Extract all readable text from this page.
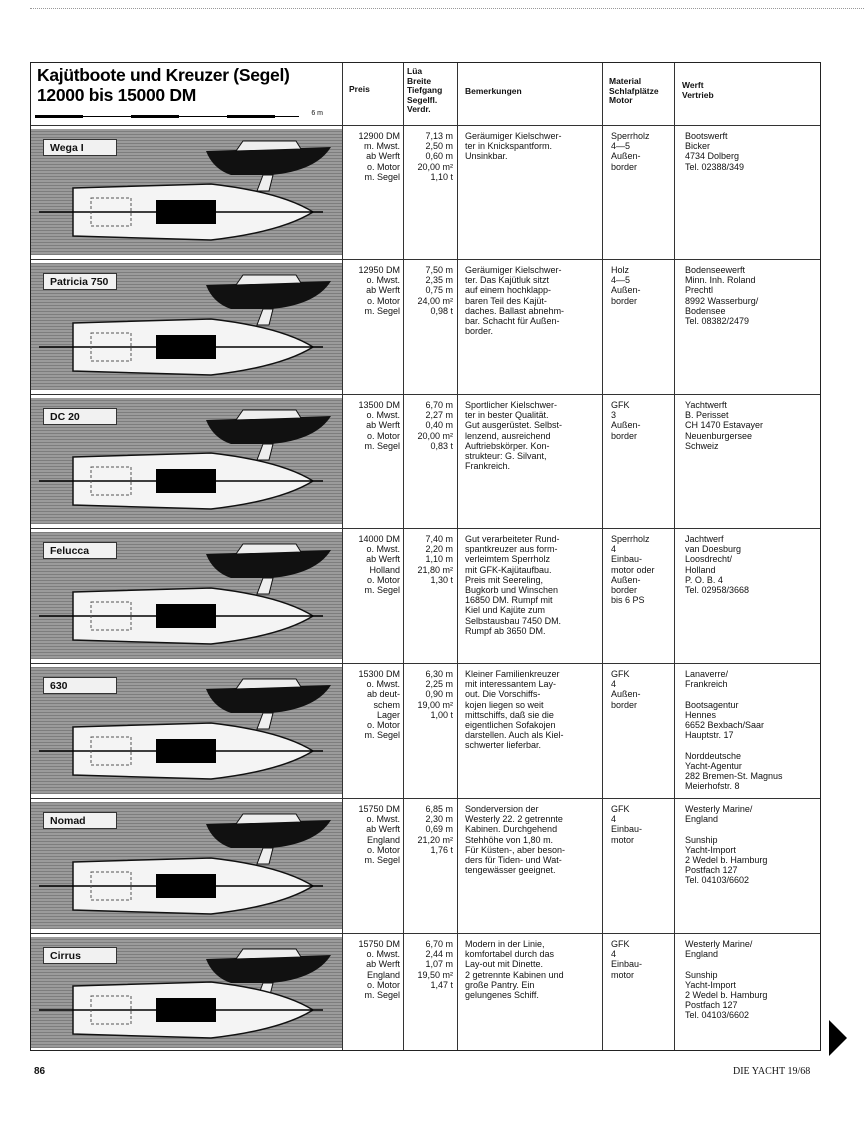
Kajütboote und Kreuzer (Segel)
12000 bis 15000 DM
6 m
Preis
Lüa
Breite
Tiefgang
Segelfl.
Verdr.
Bemerkungen
Material
Schlafplätze
Motor
Werft
Vertrieb
Wega I
12900 DM
m. Mwst.
ab Werft
o. Motor
m. Segel
7,13 m
2,50 m
0,60 m
20,00 m²
1,10 t
Geräumiger Kielschwer-
ter in Knickspantform.
Unsinkbar.
Sperrholz
4—5
Außen-
border
Bootswerft
Bicker
4734 Dolberg
Tel. 02388/349
Patricia 750
12950 DM
o. Mwst.
ab Werft
o. Motor
m. Segel
7,50 m
2,35 m
0,75 m
24,00 m²
0,98 t
Geräumiger Kielschwer-
ter. Das Kajütluk sitzt
auf einem hochklapp-
baren Teil des Kajüt-
daches. Ballast abnehm-
bar. Schacht für Außen-
border.
Holz
4—5
Außen-
border
Bodenseewerft
Minn. Inh. Roland
Prechtl
8992 Wasserburg/
Bodensee
Tel. 08382/2479
DC 20
13500 DM
o. Mwst.
ab Werft
o. Motor
m. Segel
6,70 m
2,27 m
0,40 m
20,00 m²
0,83 t
Sportlicher Kielschwer-
ter in bester Qualität.
Gut ausgerüstet. Selbst-
lenzend, ausreichend
Auftriebskörper. Kon-
strukteur: G. Silvant,
Frankreich.
GFK
3
Außen-
border
Yachtwerft
B. Perisset
CH 1470 Estavayer
Neuenburgersee
Schweiz
Felucca
14000 DM
o. Mwst.
ab Werft
Holland
o. Motor
m. Segel
7,40 m
2,20 m
1,10 m
21,80 m²
1,30 t
Gut verarbeiteter Rund-
spantkreuzer aus form-
verleimtem Sperrholz
mit GFK-Kajütaufbau.
Preis mit Seereling,
Bugkorb und Winschen
16850 DM. Rumpf mit
Kiel und Kajüte zum
Selbstausbau 7450 DM.
Rumpf ab 3650 DM.
Sperrholz
4
Einbau-
motor oder
Außen-
border
bis 6 PS
Jachtwerf
van Doesburg
Loosdrecht/
Holland
P. O. B. 4
Tel. 02958/3668
630
15300 DM
o. Mwst.
ab deut-
schem
Lager
o. Motor
m. Segel
6,30 m
2,25 m
0,90 m
19,00 m²
1,00 t
Kleiner Familienkreuzer
mit interessantem Lay-
out. Die Vorschiffs-
kojen liegen so weit
mittschiffs, daß sie die
eigentlichen Sofakojen
darstellen. Auch als Kiel-
schwerter lieferbar.
GFK
4
Außen-
border
Lanaverre/
Frankreich

Bootsagentur
Hennes
6652 Bexbach/Saar
Hauptstr. 17

Norddeutsche
Yacht-Agentur
282 Bremen-St. Magnus
Meierhofstr. 8
Nomad
15750 DM
o. Mwst.
ab Werft
England
o. Motor
m. Segel
6,85 m
2,30 m
0,69 m
21,20 m²
1,76 t
Sonderversion der
Westerly 22. 2 getrennte
Kabinen. Durchgehend
Stehhöhe von 1,80 m.
Für Küsten-, aber beson-
ders für Tiden- und Wat-
tengewässer geeignet.
GFK
4
Einbau-
motor
Westerly Marine/
England

Sunship
Yacht-Import
2 Wedel b. Hamburg
Postfach 127
Tel. 04103/6602
Cirrus
15750 DM
o. Mwst.
ab Werft
England
o. Motor
m. Segel
6,70 m
2,44 m
1,07 m
19,50 m²
1,47 t
Modern in der Linie,
komfortabel durch das
Lay-out mit Dinette.
2 getrennte Kabinen und
große Pantry. Ein
gelungenes Schiff.
GFK
4
Einbau-
motor
Westerly Marine/
England

Sunship
Yacht-Import
2 Wedel b. Hamburg
Postfach 127
Tel. 04103/6602
86	DIE YACHT 19/68
